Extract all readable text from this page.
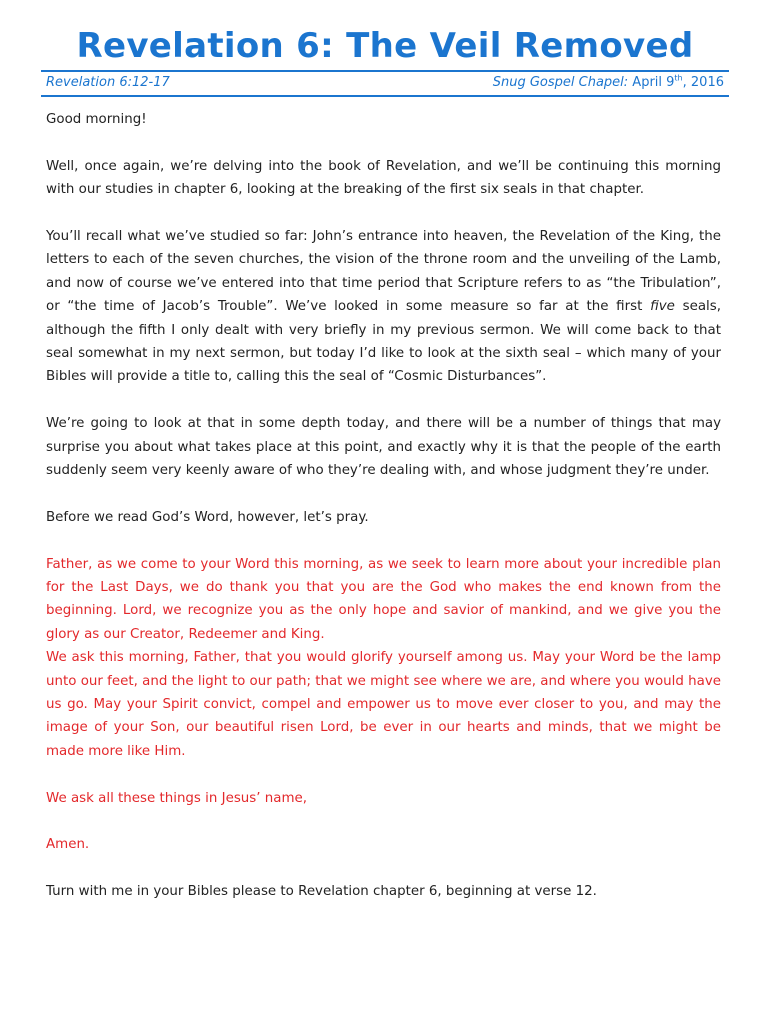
Revelation 6: The Veil Removed
Revelation 6:12-17	Snug Gospel Chapel: April 9th, 2016

Good morning!

Well, once again, we’re delving into the book of Revelation, and we’ll be continuing this morning with our studies in chapter 6, looking at the breaking of the first six seals in that chapter.

You’ll recall what we’ve studied so far: John’s entrance into heaven, the Revelation of the King, the letters to each of the seven churches, the vision of the throne room and the unveiling of the Lamb, and now of course we’ve entered into that time period that Scripture refers to as “the Tribulation”, or “the time of Jacob’s Trouble”. We’ve looked in some measure so far at the first five seals, although the fifth I only dealt with very briefly in my previous sermon. We will come back to that seal somewhat in my next sermon, but today I’d like to look at the sixth seal – which many of your Bibles will provide a title to, calling this the seal of “Cosmic Disturbances”.

We’re going to look at that in some depth today, and there will be a number of things that may surprise you about what takes place at this point, and exactly why it is that the people of the earth suddenly seem very keenly aware of who they’re dealing with, and whose judgment they’re under.

Before we read God’s Word, however, let’s pray.

Father, as we come to your Word this morning, as we seek to learn more about your incredible plan for the Last Days, we do thank you that you are the God who makes the end known from the beginning. Lord, we recognize you as the only hope and savior of mankind, and we give you the glory as our Creator, Redeemer and King.

We ask this morning, Father, that you would glorify yourself among us. May your Word be the lamp unto our feet, and the light to our path; that we might see where we are, and where you would have us go. May your Spirit convict, compel and empower us to move ever closer to you, and may the image of your Son, our beautiful risen Lord, be ever in our hearts and minds, that we might be made more like Him.

We ask all these things in Jesus’ name,

Amen.

Turn with me in your Bibles please to Revelation chapter 6, beginning at verse 12.
